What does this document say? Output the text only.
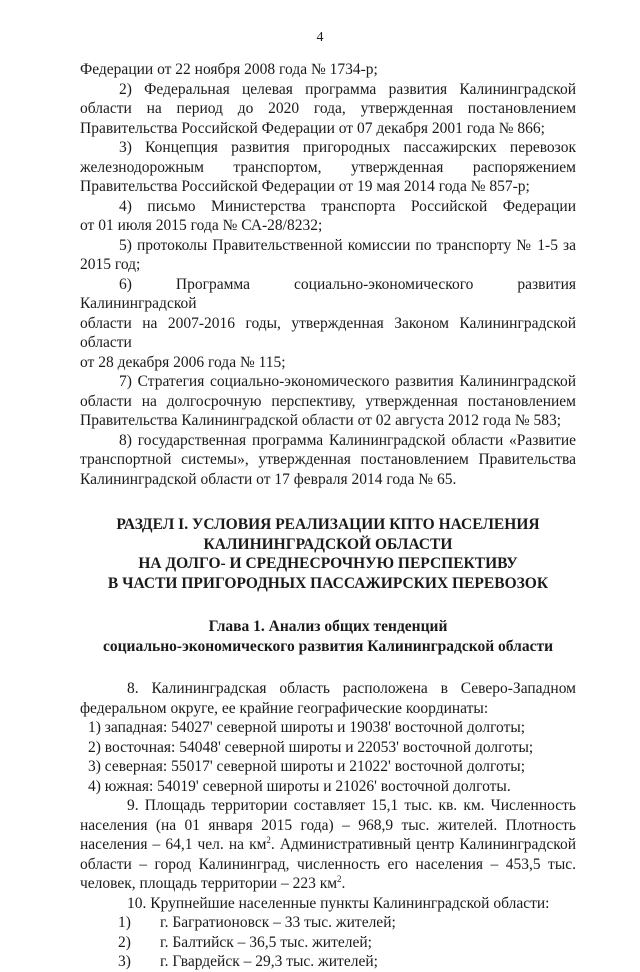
4

Федерации от 22 ноября 2008 года № 1734-р;

2) Федеральная целевая программа развития Калининградской

области на период до 2020 года, утвержденная постановлением

Правительства Российской Федерации от 07 декабря 2001 года № 866;

3) Концепция развития пригородных пассажирских перевозок

железнодорожным транспортом, утвержденная распоряжением

Правительства Российской Федерации от 19 мая 2014 года № 857-р;

4) письмо Министерства транспорта Российской Федерации

от 01 июля 2015 года № СА-28/8232;

5) протоколы Правительственной комиссии по транспорту № 1-5 за

2015 год;

6) Программа социально-экономического развития Калининградской

области на 2007-2016 годы, утвержденная Законом Калининградской области

от 28 декабря 2006 года № 115;

7) Стратегия социально-экономического развития Калининградской

области на долгосрочную перспективу, утвержденная постановлением

Правительства Калининградской области от 02 августа 2012 года № 583;

8) государственная программа Калининградской области «Развитие

транспортной системы», утвержденная постановлением Правительства

Калининградской области от 17 февраля 2014 года № 65.

РАЗДЕЛ I. УСЛОВИЯ РЕАЛИЗАЦИИ КПТО НАСЕЛЕНИЯ

КАЛИНИНГРАДСКОЙ ОБЛАСТИ

НА ДОЛГО- И СРЕДНЕСРОЧНУЮ ПЕРСПЕКТИВУ

В ЧАСТИ ПРИГОРОДНЫХ ПАССАЖИРСКИХ ПЕРЕВОЗОК

Глава 1. Анализ общих тенденций

социально-экономического развития Калининградской области

8. Калининградская область расположена в Северо-Западном

федеральном округе, ее крайние географические координаты:

1) западная: 54027' северной широты и 19038' восточной долготы;

2) восточная: 54048' северной широты и 22053' восточной долготы;

3) северная: 55017' северной широты и 21022' восточной долготы;

4) южная: 54019' северной широты и 21026' восточной долготы.

9. Площадь территории составляет 15,1 тыс. кв. км. Численность

населения (на 01 января 2015 года) – 968,9 тыс. жителей. Плотность

населения – 64,1 чел. на $км^2$. Административный центр Калининградской

области – город Калининград, численность его населения – 453,5 тыс.

человек, площадь территории – 223 $км^2$.

10. Крупнейшие населенные пункты Калининградской области:

1)	г. Багратионовск – 33 тыс. жителей;
2)	г. Балтийск – 36,5 тыс. жителей;
3)	г. Гвардейск – 29,3 тыс. жителей;
